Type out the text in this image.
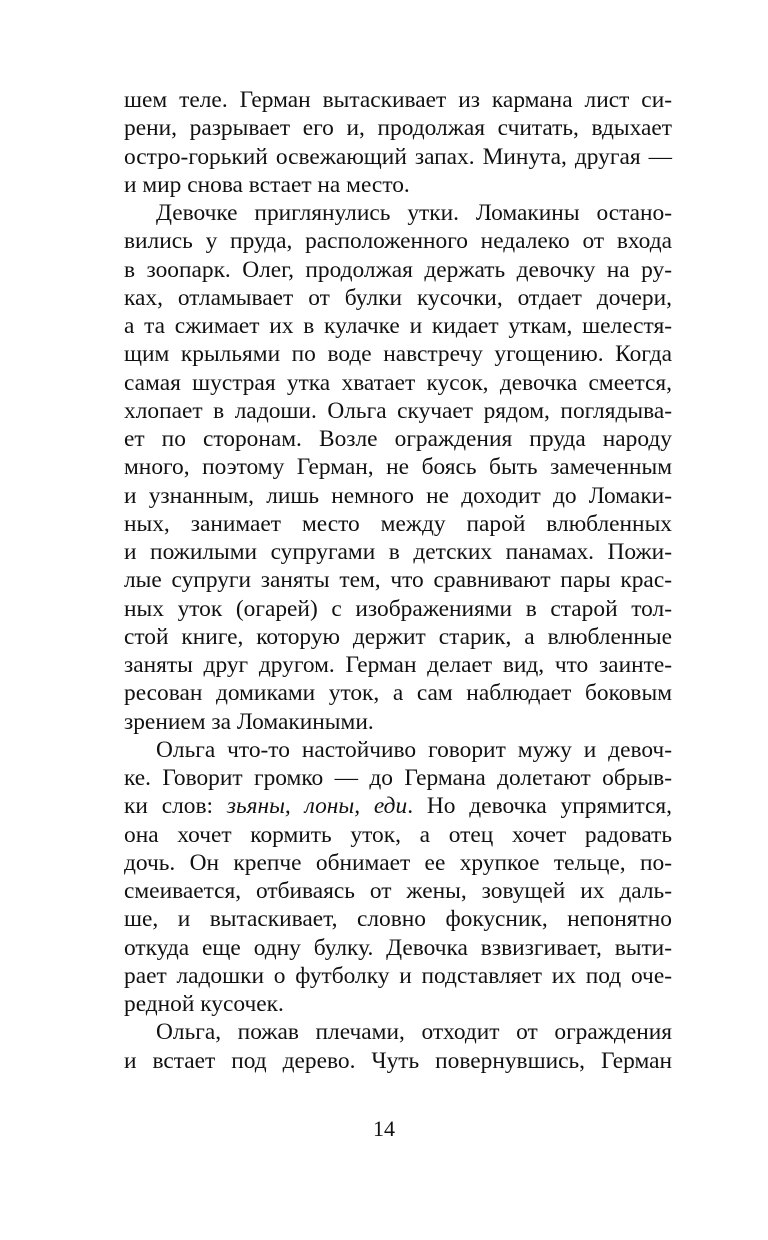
шем теле. Герман вытаскивает из кармана лист си-
рени, разрывает его и, продолжая считать, вдыхает
остро-горький освежающий запах. Минута, другая —
и мир снова встает на место.
Девочке приглянулись утки. Ломакины остано-
вились у пруда, расположенного недалеко от входа
в зоопарк. Олег, продолжая держать девочку на ру-
ках, отламывает от булки кусочки, отдает дочери,
а та сжимает их в кулачке и кидает уткам, шелестя-
щим крыльями по воде навстречу угощению. Когда
самая шустрая утка хватает кусок, девочка смеется,
хлопает в ладоши. Ольга скучает рядом, поглядыва-
ет по сторонам. Возле ограждения пруда народу
много, поэтому Герман, не боясь быть замеченным
и узнанным, лишь немного не доходит до Ломаки-
ных, занимает место между парой влюбленных
и пожилыми супругами в детских панамах. Пожи-
лые супруги заняты тем, что сравнивают пары крас-
ных уток (огарей) с изображениями в старой тол-
стой книге, которую держит старик, а влюбленные
заняты друг другом. Герман делает вид, что заинте-
ресован домиками уток, а сам наблюдает боковым
зрением за Ломакиными.
Ольга что-то настойчиво говорит мужу и девоч-
ке. Говорит громко — до Германа долетают обрыв-
ки слов: зьяны, лоны, еди. Но девочка упрямится,
она хочет кормить уток, а отец хочет радовать
дочь. Он крепче обнимает ее хрупкое тельце, по-
смеивается, отбиваясь от жены, зовущей их даль-
ше, и вытаскивает, словно фокусник, непонятно
откуда еще одну булку. Девочка взвизгивает, выти-
рает ладошки о футболку и подставляет их под оче-
редной кусочек.
Ольга, пожав плечами, отходит от ограждения
и встает под дерево. Чуть повернувшись, Герман
14
